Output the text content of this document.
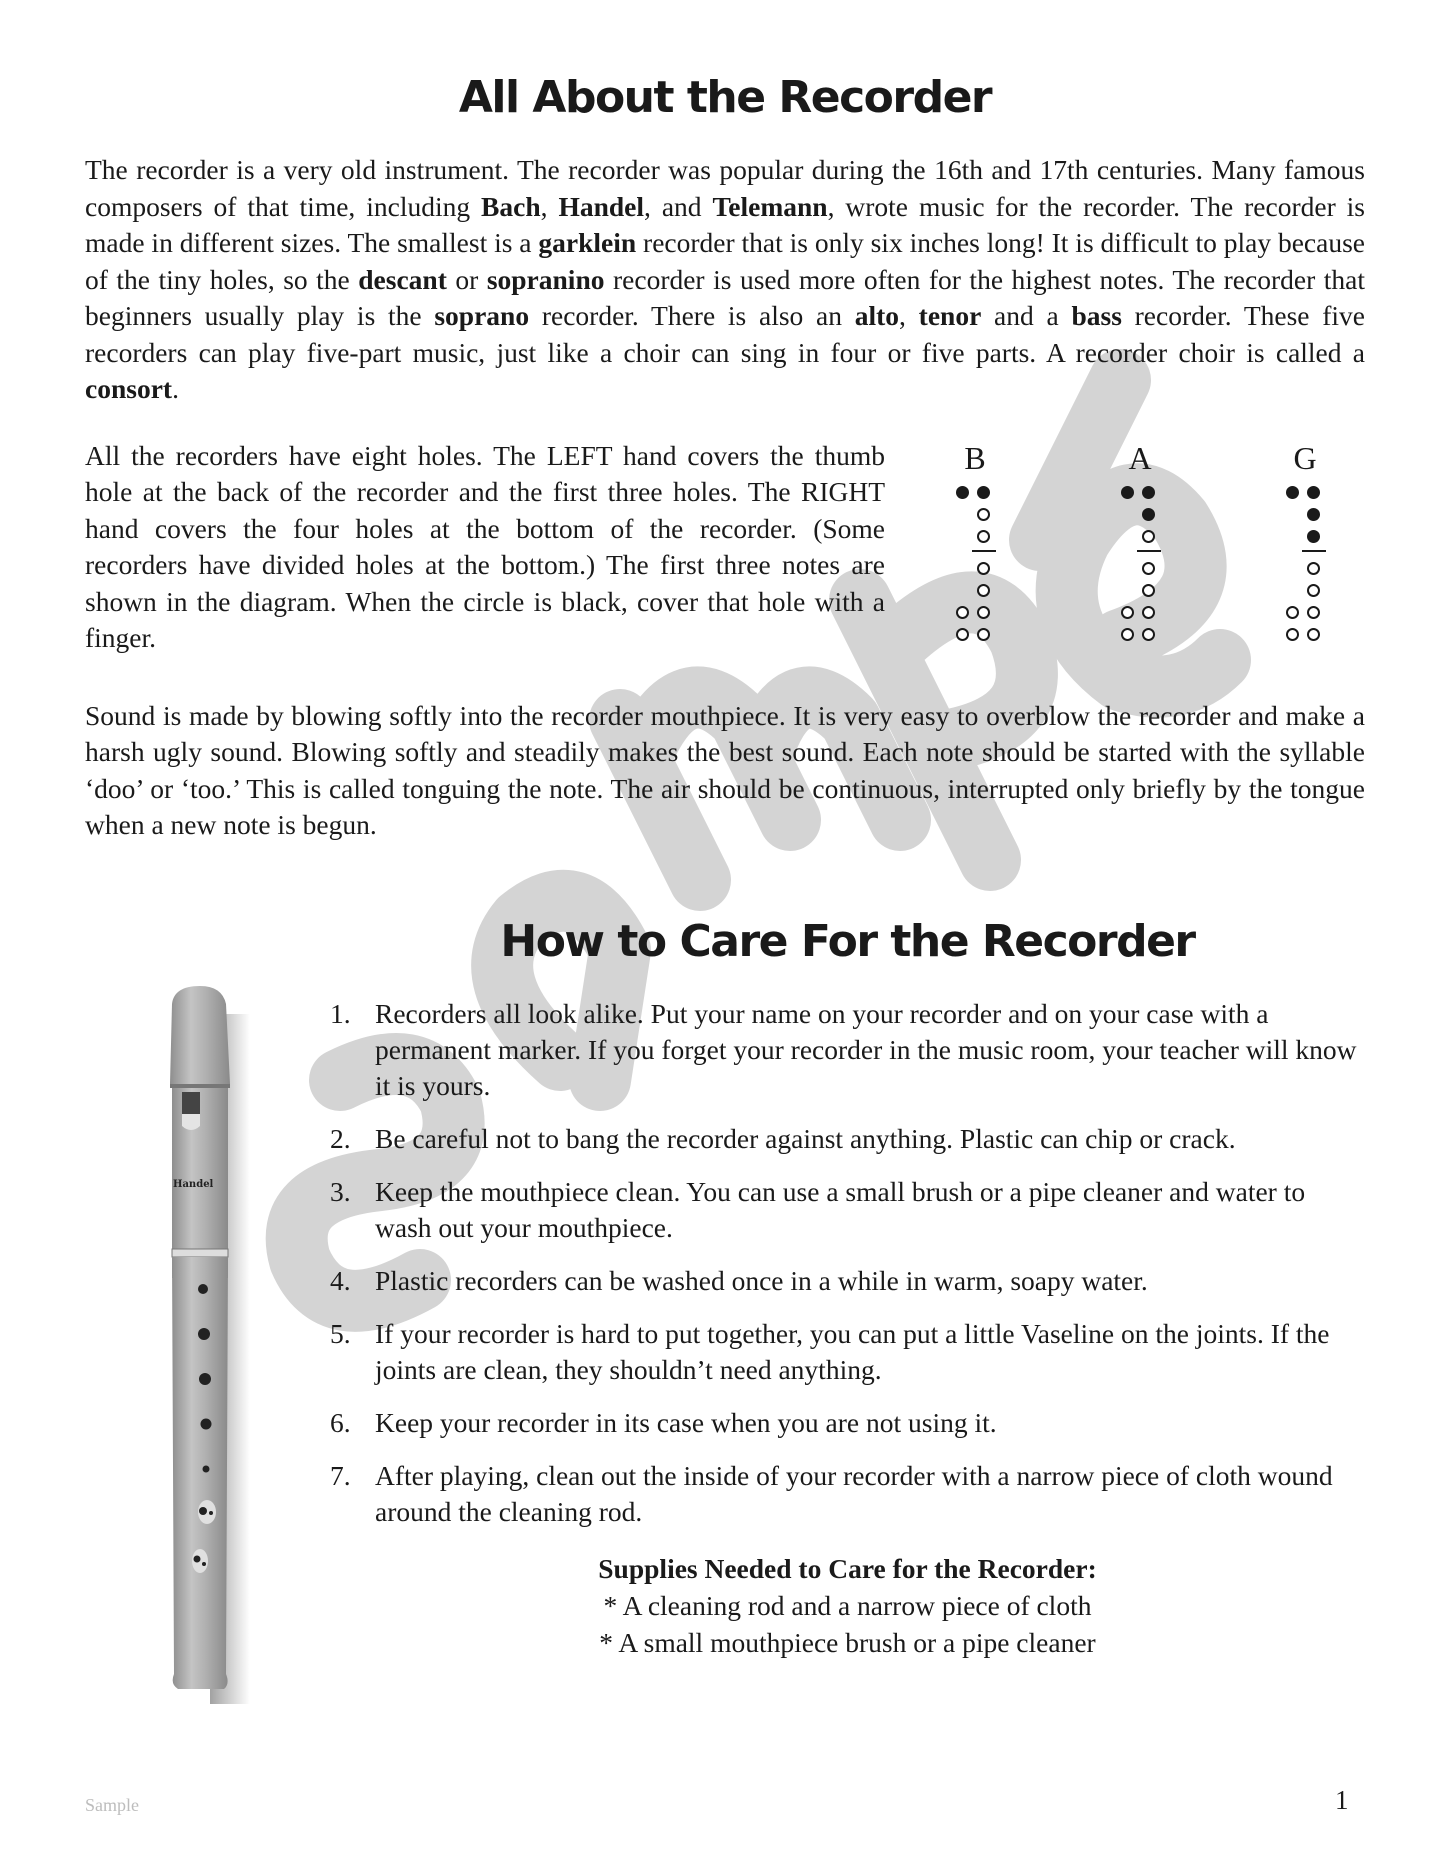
All About the Recorder

The recorder is a very old instrument. The recorder was popular during the 16th and 17th centuries. Many famous composers of that time, including Bach, Handel, and Telemann, wrote music for the recorder. The recorder is made in different sizes. The smallest is a garklein recorder that is only six inches long! It is difficult to play because of the tiny holes, so the descant or sopranino recorder is used more often for the highest notes. The recorder that beginners usually play is the soprano recorder. There is also an alto, tenor and a bass recorder. These five recorders can play five-part music, just like a choir can sing in four or five parts. A recorder choir is called a consort.

All the recorders have eight holes. The LEFT hand covers the thumb hole at the back of the recorder and the first three holes. The RIGHT hand covers the four holes at the bottom of the recorder. (Some recorders have divided holes at the bottom.) The first three notes are shown in the diagram. When the circle is black, cover that hole with a finger.

B	A	G

Sound is made by blowing softly into the recorder mouthpiece. It is very easy to overblow the recorder and make a harsh ugly sound. Blowing softly and steadily makes the best sound. Each note should be started with the syllable ‘doo’ or ‘too.’ This is called tonguing the note. The air should be continuous, interrupted only briefly by the tongue when a new note is begun.

Handel
How to Care For the Recorder
1. Recorders all look alike. Put your name on your recorder and on your case with a permanent marker. If you forget your recorder in the music room, your teacher will know it is yours.
2. Be careful not to bang the recorder against anything. Plastic can chip or crack.
3. Keep the mouthpiece clean. You can use a small brush or a pipe cleaner and water to wash out your mouthpiece.
4. Plastic recorders can be washed once in a while in warm, soapy water.
5. If your recorder is hard to put together, you can put a little Vaseline on the joints. If the joints are clean, they shouldn’t need anything.
6. Keep your recorder in its case when you are not using it.
7. After playing, clean out the inside of your recorder with a narrow piece of cloth wound around the cleaning rod.
Supplies Needed to Care for the Recorder:
* A cleaning rod and a narrow piece of cloth
* A small mouthpiece brush or a pipe cleaner
Sample	1
